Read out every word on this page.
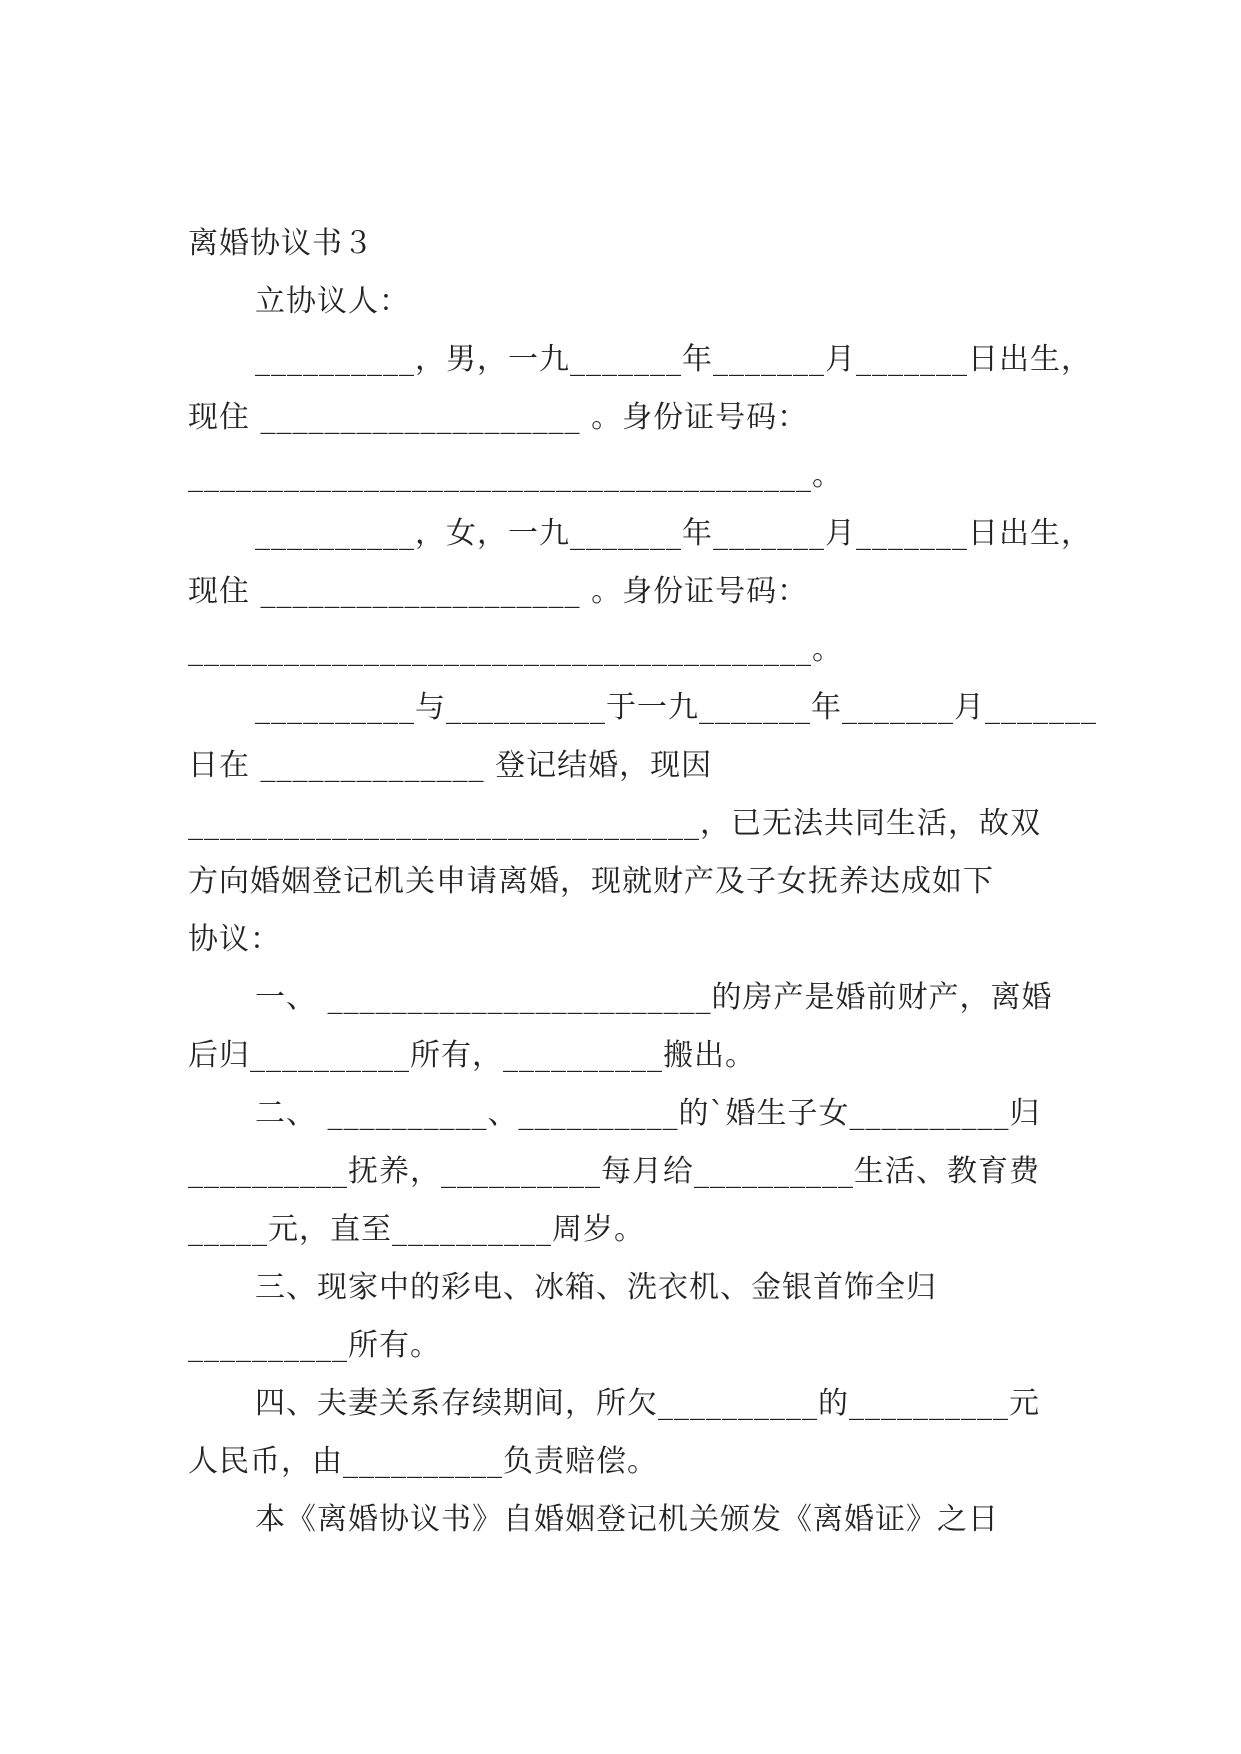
离婚协议书３
立协议人：
__________，男，一九_______年_______月_______日出生，
现住 ____________________ 。身份证号码：
_______________________________________。
__________，女，一九_______年_______月_______日出生，
现住 ____________________ 。身份证号码：
_______________________________________。
__________与__________于一九_______年_______月_______
日在 ______________ 登记结婚，现因
________________________________，已无法共同生活，故双
方向婚姻登记机关申请离婚，现就财产及子女抚养达成如下
协议：
一、 ________________________的房产是婚前财产，离婚
后归__________所有，__________搬出。
二、 __________、__________的`婚生子女__________归
__________抚养，__________每月给__________生活、教育费
_____元，直至__________周岁。
三、现家中的彩电、冰箱、洗衣机、金银首饰全归
__________所有。
四、夫妻关系存续期间，所欠__________的__________元
人民币，由__________负责赔偿。
本《离婚协议书》自婚姻登记机关颁发《离婚证》之日
